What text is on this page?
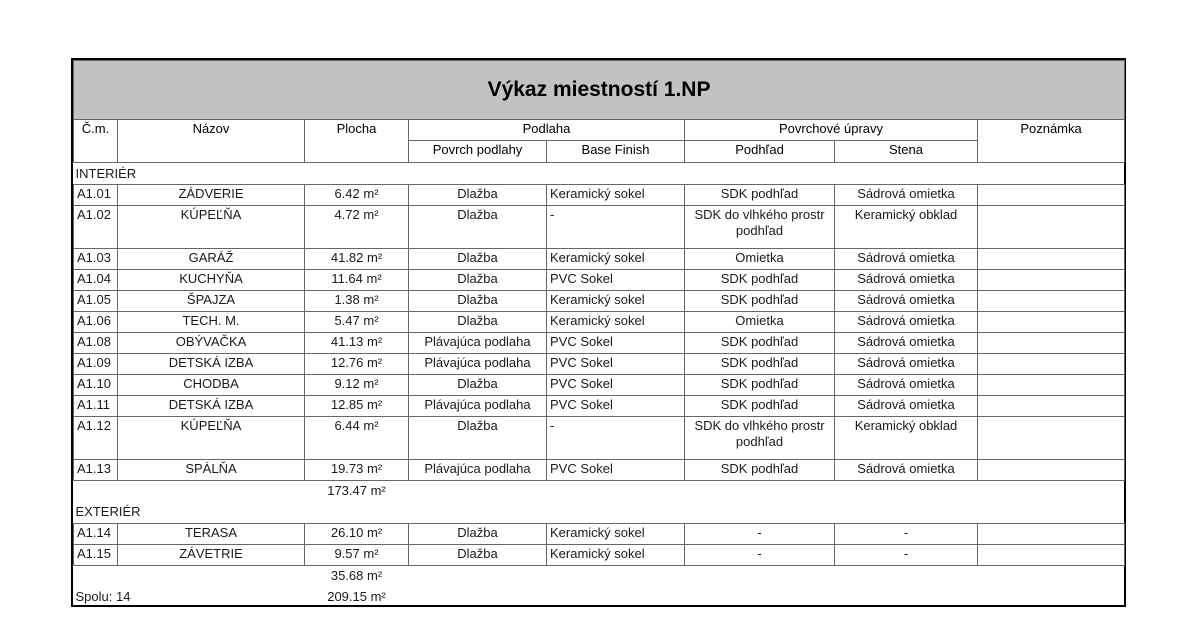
Výkaz miestností 1.NP							
Č.m.	Názov	Plocha	Podlaha		Povrchové úpravy		Poznámka
			Povrch podlahy	Base Finish	Podhľad	Stena	
INTERIÉR							
A1.01	ZÁDVERIE	6.42 m²	Dlažba	Keramický sokel	SDK podhľad	Sádrová omietka	
A1.02	KÚPEĽŇA	4.72 m²	Dlažba	-	SDK do vlhkého prostr podhľad	Keramický obklad	
A1.03	GARÁŽ	41.82 m²	Dlažba	Keramický sokel	Omietka	Sádrová omietka	
A1.04	KUCHYŇA	11.64 m²	Dlažba	PVC Sokel	SDK podhľad	Sádrová omietka	
A1.05	ŠPAJZA	1.38 m²	Dlažba	Keramický sokel	SDK podhľad	Sádrová omietka	
A1.06	TECH. M.	5.47 m²	Dlažba	Keramický sokel	Omietka	Sádrová omietka	
A1.08	OBÝVAČKA	41.13 m²	Plávajúca podlaha	PVC Sokel	SDK podhľad	Sádrová omietka	
A1.09	DETSKÁ IZBA	12.76 m²	Plávajúca podlaha	PVC Sokel	SDK podhľad	Sádrová omietka	
A1.10	CHODBA	9.12 m²	Dlažba	PVC Sokel	SDK podhľad	Sádrová omietka	
A1.11	DETSKÁ IZBA	12.85 m²	Plávajúca podlaha	PVC Sokel	SDK podhľad	Sádrová omietka	
A1.12	KÚPEĽŇA	6.44 m²	Dlažba	-	SDK do vlhkého prostr podhľad	Keramický obklad	
A1.13	SPÁLŇA	19.73 m²	Plávajúca podlaha	PVC Sokel	SDK podhľad	Sádrová omietka	
		173.47 m²					
EXTERIÉR							
A1.14	TERASA	26.10 m²	Dlažba	Keramický sokel	-	-	
A1.15	ZÁVETRIE	9.57 m²	Dlažba	Keramický sokel	-	-	
		35.68 m²					
Spolu: 14		209.15 m²					
